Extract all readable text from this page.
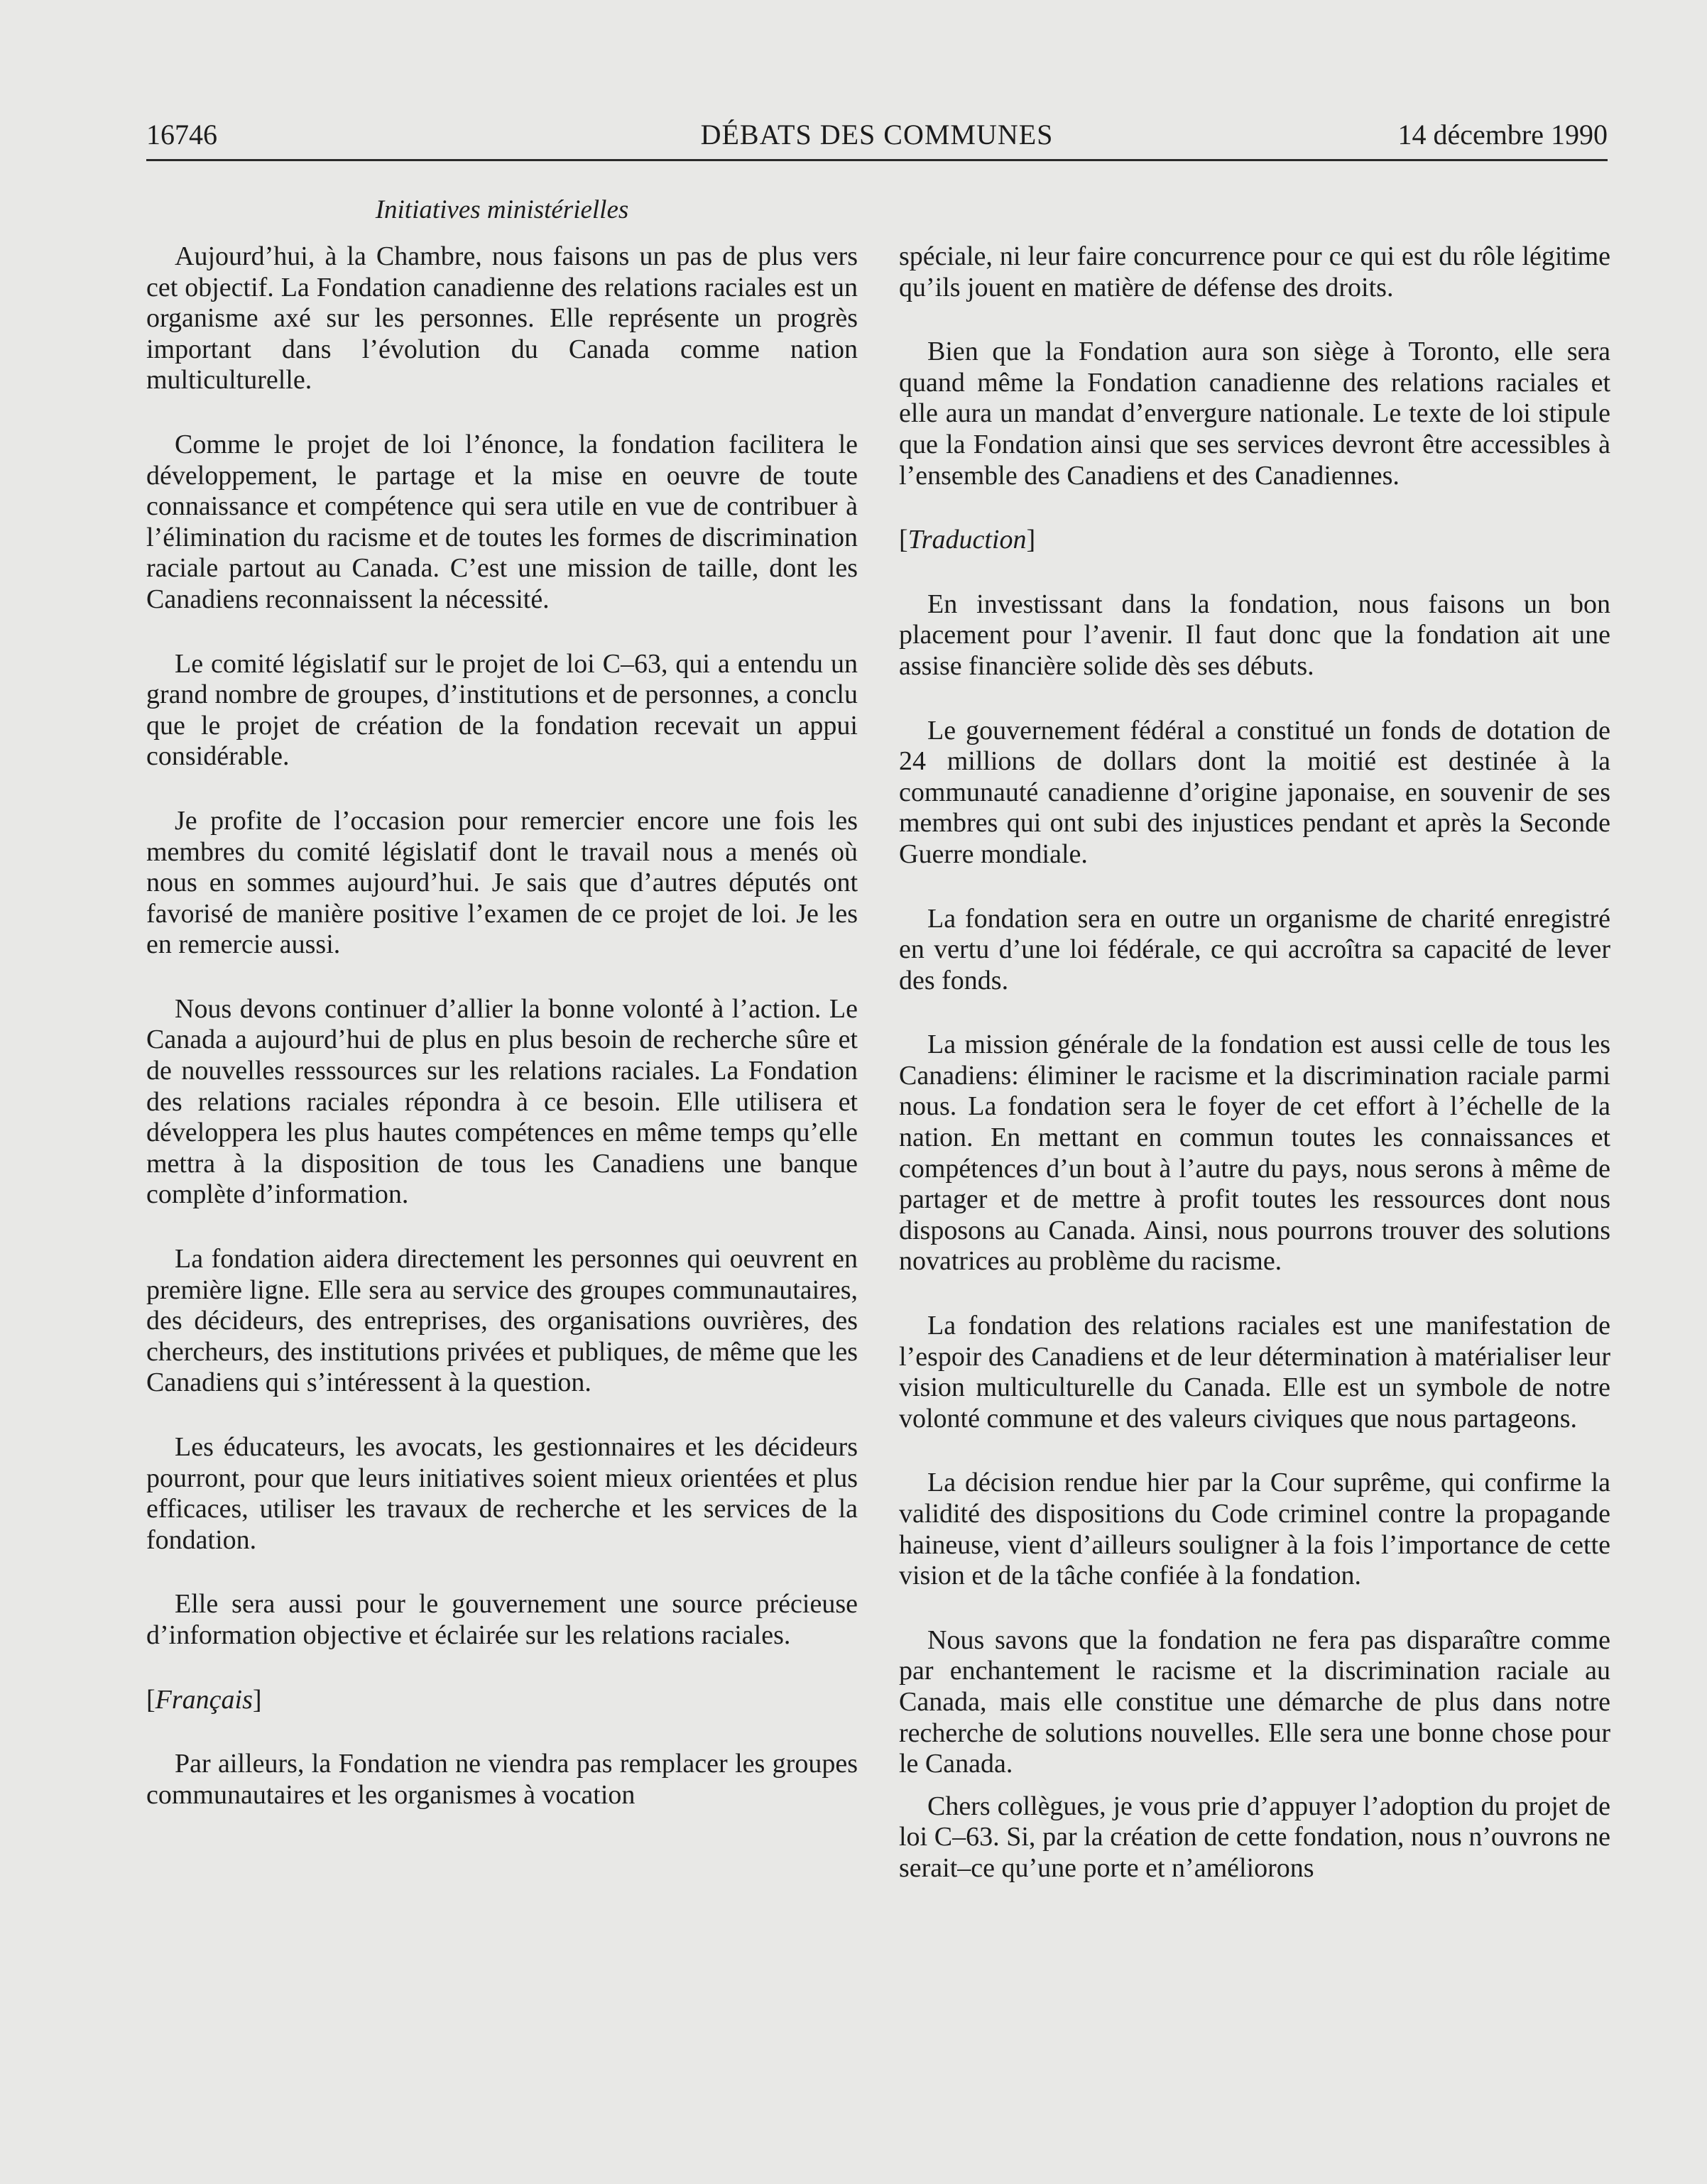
16746	DÉBATS DES COMMUNES	14 décembre 1990
Initiatives ministérielles

Aujourd’hui, à la Chambre, nous faisons un pas de plus vers cet objectif. La Fondation canadienne des relations raciales est un organisme axé sur les personnes. Elle représente un progrès important dans l’évolution du Canada comme nation multiculturelle.

Comme le projet de loi l’énonce, la fondation facilitera le développement, le partage et la mise en oeuvre de toute connaissance et compétence qui sera utile en vue de contribuer à l’élimination du racisme et de toutes les formes de discrimination raciale partout au Canada. C’est une mission de taille, dont les Canadiens reconnaissent la nécessité.

Le comité législatif sur le projet de loi C–63, qui a entendu un grand nombre de groupes, d’institutions et de personnes, a conclu que le projet de création de la fondation recevait un appui considérable.

Je profite de l’occasion pour remercier encore une fois les membres du comité législatif dont le travail nous a menés où nous en sommes aujourd’hui. Je sais que d’autres députés ont favorisé de manière positive l’examen de ce projet de loi. Je les en remercie aussi.

Nous devons continuer d’allier la bonne volonté à l’action. Le Canada a aujourd’hui de plus en plus besoin de recherche sûre et de nouvelles resssources sur les relations raciales. La Fondation des relations raciales répondra à ce besoin. Elle utilisera et développera les plus hautes compétences en même temps qu’elle mettra à la disposition de tous les Canadiens une banque complète d’information.

La fondation aidera directement les personnes qui oeuvrent en première ligne. Elle sera au service des groupes communautaires, des décideurs, des entreprises, des organisations ouvrières, des chercheurs, des institutions privées et publiques, de même que les Canadiens qui s’intéressent à la question.

Les éducateurs, les avocats, les gestionnaires et les décideurs pourront, pour que leurs initiatives soient mieux orientées et plus efficaces, utiliser les travaux de recherche et les services de la fondation.

Elle sera aussi pour le gouvernement une source précieuse d’information objective et éclairée sur les relations raciales.

[Français]

Par ailleurs, la Fondation ne viendra pas remplacer les groupes communautaires et les organismes à vocation

spéciale, ni leur faire concurrence pour ce qui est du rôle légitime qu’ils jouent en matière de défense des droits.

Bien que la Fondation aura son siège à Toronto, elle sera quand même la Fondation canadienne des relations raciales et elle aura un mandat d’envergure nationale. Le texte de loi stipule que la Fondation ainsi que ses services devront être accessibles à l’ensemble des Canadiens et des Canadiennes.

[Traduction]

En investissant dans la fondation, nous faisons un bon placement pour l’avenir. Il faut donc que la fondation ait une assise financière solide dès ses débuts.

Le gouvernement fédéral a constitué un fonds de dotation de 24 millions de dollars dont la moitié est destinée à la communauté canadienne d’origine japonaise, en souvenir de ses membres qui ont subi des injustices pendant et après la Seconde Guerre mondiale.

La fondation sera en outre un organisme de charité enregistré en vertu d’une loi fédérale, ce qui accroîtra sa capacité de lever des fonds.

La mission générale de la fondation est aussi celle de tous les Canadiens: éliminer le racisme et la discrimination raciale parmi nous. La fondation sera le foyer de cet effort à l’échelle de la nation. En mettant en commun toutes les connaissances et compétences d’un bout à l’autre du pays, nous serons à même de partager et de mettre à profit toutes les ressources dont nous disposons au Canada. Ainsi, nous pourrons trouver des solutions novatrices au problème du racisme.

La fondation des relations raciales est une manifestation de l’espoir des Canadiens et de leur détermination à matérialiser leur vision multiculturelle du Canada. Elle est un symbole de notre volonté commune et des valeurs civiques que nous partageons.

La décision rendue hier par la Cour suprême, qui confirme la validité des dispositions du Code criminel contre la propagande haineuse, vient d’ailleurs souligner à la fois l’importance de cette vision et de la tâche confiée à la fondation.

Nous savons que la fondation ne fera pas disparaître comme par enchantement le racisme et la discrimination raciale au Canada, mais elle constitue une démarche de plus dans notre recherche de solutions nouvelles. Elle sera une bonne chose pour le Canada.

Chers collègues, je vous prie d’appuyer l’adoption du projet de loi C–63. Si, par la création de cette fondation, nous n’ouvrons ne serait–ce qu’une porte et n’améliorons
